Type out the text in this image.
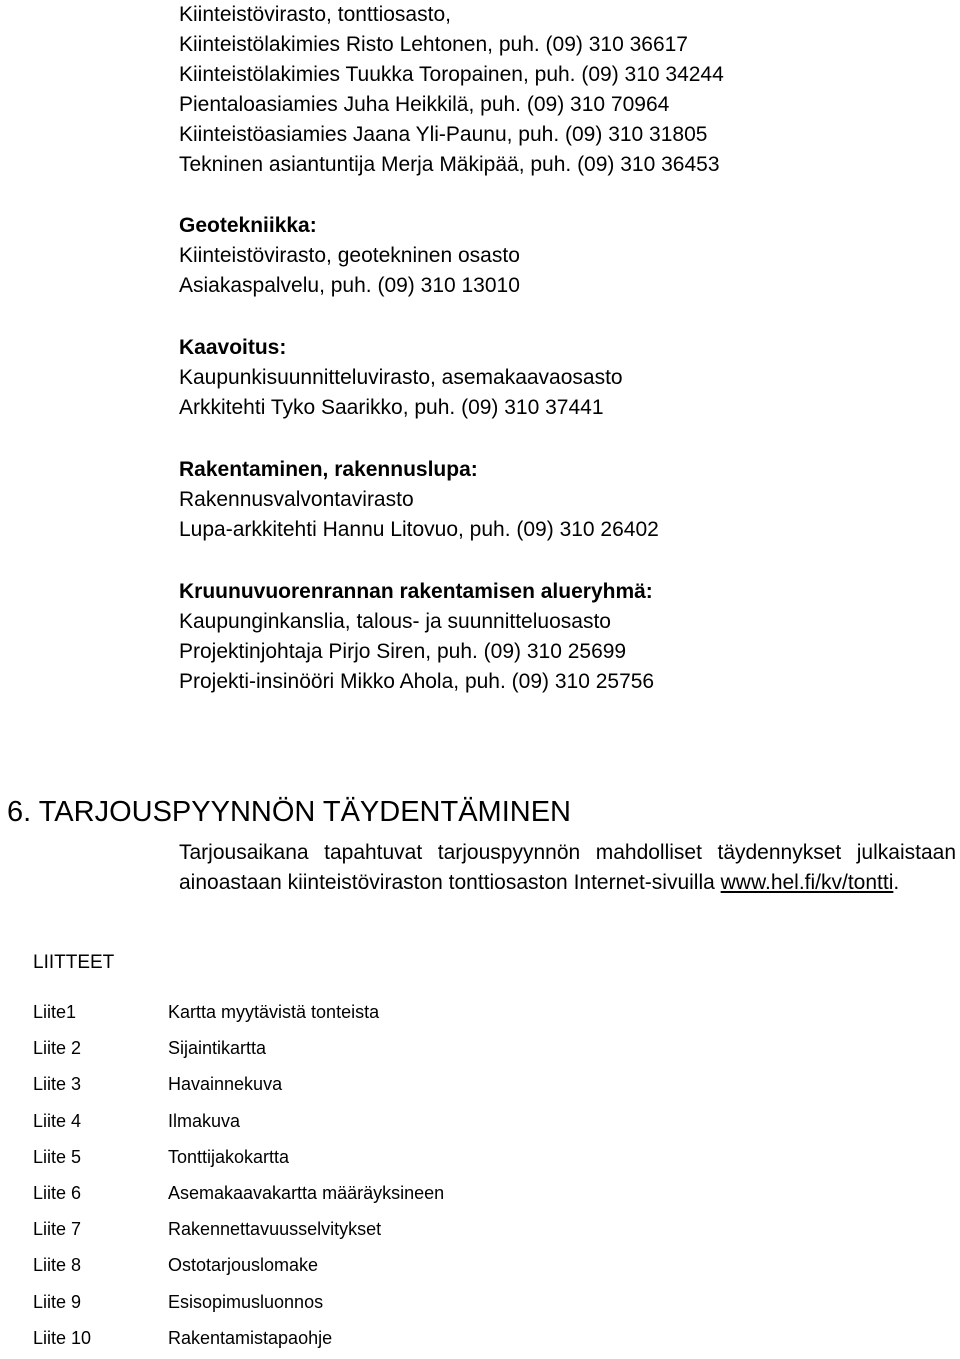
Kiinteistövirasto, tonttiosasto,
Kiinteistölakimies Risto Lehtonen, puh. (09) 310 36617
Kiinteistölakimies Tuukka Toropainen, puh. (09) 310 34244
Pientaloasiamies Juha Heikkilä, puh. (09) 310 70964
Kiinteistöasiamies Jaana Yli-Paunu, puh. (09) 310 31805
Tekninen asiantuntija Merja Mäkipää, puh. (09) 310 36453
Geotekniikka:
Kiinteistövirasto, geotekninen osasto
Asiakaspalvelu, puh. (09) 310 13010
Kaavoitus:
Kaupunkisuunnitteluvirasto, asemakaavaosasto
Arkkitehti Tyko Saarikko, puh. (09) 310 37441
Rakentaminen, rakennuslupa:
Rakennusvalvontavirasto
Lupa-arkkitehti Hannu Litovuo, puh. (09) 310 26402
Kruunuvuorenrannan rakentamisen alueryhmä:
Kaupunginkanslia, talous- ja suunnitteluosasto
Projektinjohtaja Pirjo Siren, puh. (09) 310 25699
Projekti-insinööri Mikko Ahola, puh. (09) 310 25756
6. TARJOUSPYYNNÖN TÄYDENTÄMINEN
Tarjousaikana tapahtuvat tarjouspyynnön mahdolliset täydennykset julkaistaan ainoastaan kiinteistöviraston tonttiosaston Internet-sivuilla www.hel.fi/kv/tontti.
LIITTEET
Liite1	Kartta myytävistä tonteista
Liite 2	Sijaintikartta
Liite 3	Havainnekuva
Liite 4	Ilmakuva
Liite 5	Tonttijakokartta
Liite 6	Asemakaavakartta määräyksineen
Liite 7	Rakennettavuusselvitykset
Liite 8	Ostotarjouslomake
Liite 9	Esisopimusluonnos
Liite 10	Rakentamistapaohje
